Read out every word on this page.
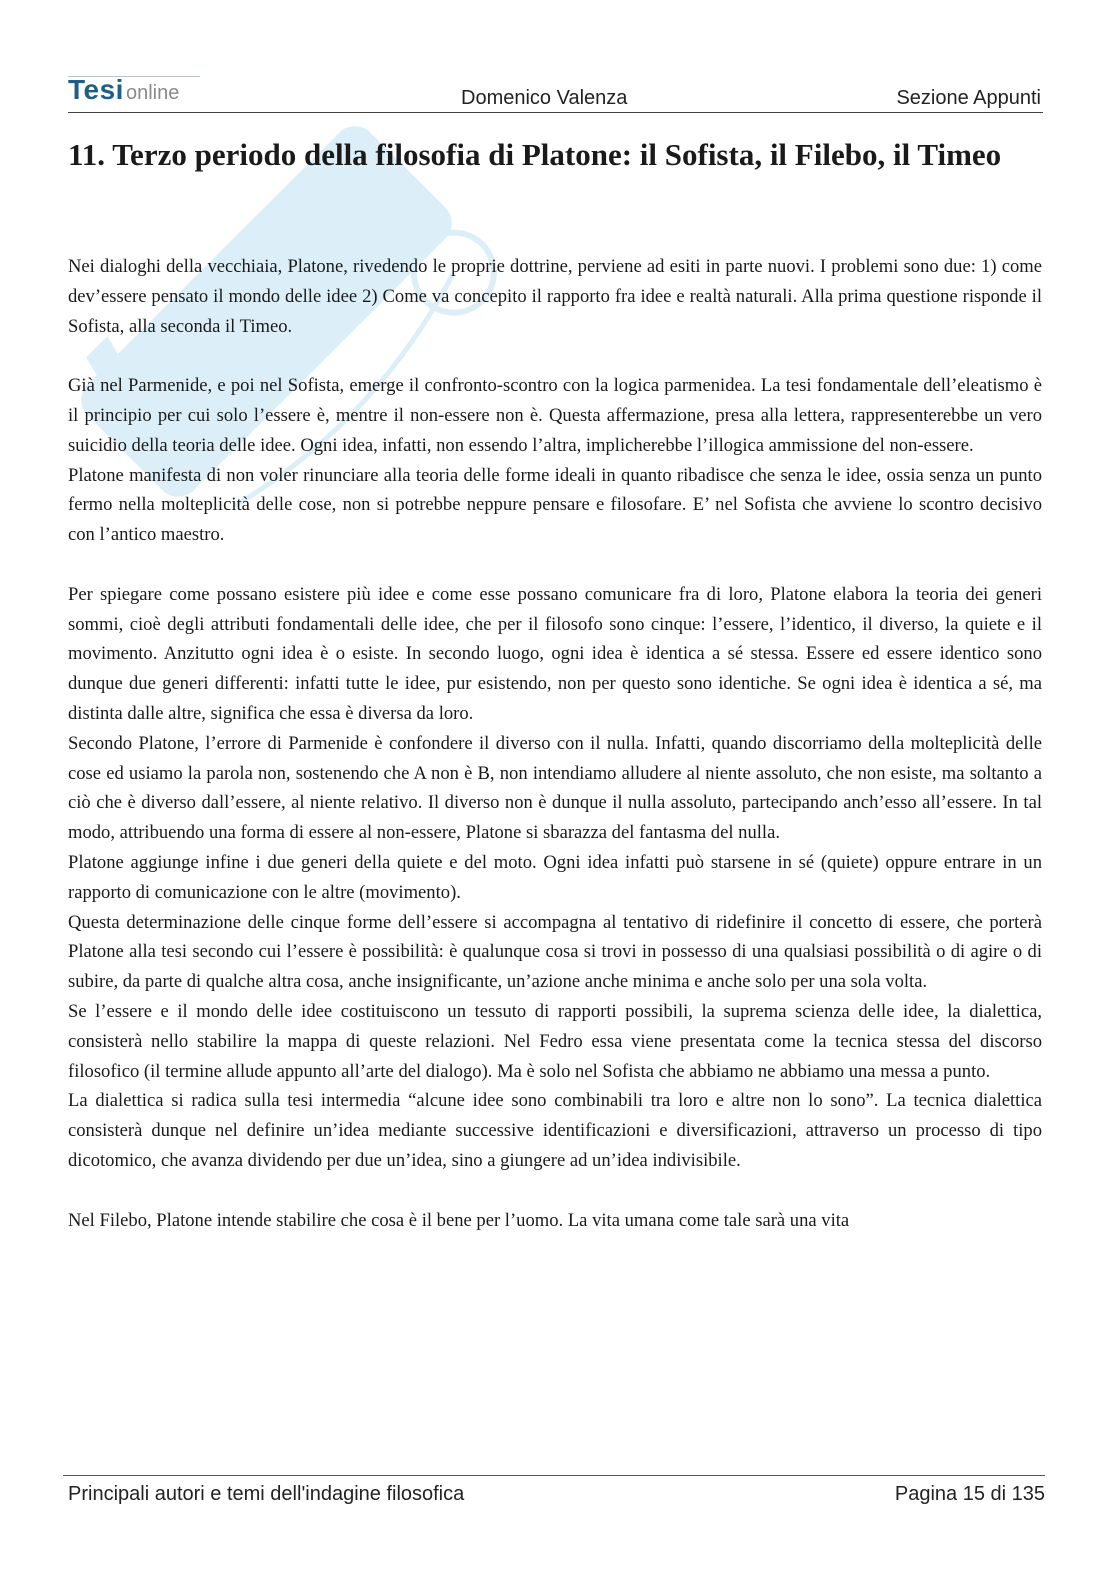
Tesi online	Domenico Valenza	Sezione Appunti
11. Terzo periodo della filosofia di Platone: il Sofista, il Filebo, il Timeo

Nei dialoghi della vecchiaia, Platone, rivedendo le proprie dottrine, perviene ad esiti in parte nuovi. I problemi sono due: 1) come dev’essere pensato il mondo delle idee 2) Come va concepito il rapporto fra idee e realtà naturali. Alla prima questione risponde il Sofista, alla seconda il Timeo.

Già nel Parmenide, e poi nel Sofista, emerge il confronto-scontro con la logica parmenidea. La tesi fondamentale dell’eleatismo è il principio per cui solo l’essere è, mentre il non-essere non è. Questa affermazione, presa alla lettera, rappresenterebbe un vero suicidio della teoria delle idee. Ogni idea, infatti, non essendo l’altra, implicherebbe l’illogica ammissione del non-essere.

Platone manifesta di non voler rinunciare alla teoria delle forme ideali in quanto ribadisce che senza le idee, ossia senza un punto fermo nella molteplicità delle cose, non si potrebbe neppure pensare e filosofare. E’ nel Sofista che avviene lo scontro decisivo con l’antico maestro.

Per spiegare come possano esistere più idee e come esse possano comunicare fra di loro, Platone elabora la teoria dei generi sommi, cioè degli attributi fondamentali delle idee, che per il filosofo sono cinque: l’essere, l’identico, il diverso, la quiete e il movimento. Anzitutto ogni idea è o esiste. In secondo luogo, ogni idea è identica a sé stessa. Essere ed essere identico sono dunque due generi differenti: infatti tutte le idee, pur esistendo, non per questo sono identiche. Se ogni idea è identica a sé, ma distinta dalle altre, significa che essa è diversa da loro.

Secondo Platone, l’errore di Parmenide è confondere il diverso con il nulla. Infatti, quando discorriamo della molteplicità delle cose ed usiamo la parola non, sostenendo che A non è B, non intendiamo alludere al niente assoluto, che non esiste, ma soltanto a ciò che è diverso dall’essere, al niente relativo. Il diverso non è dunque il nulla assoluto, partecipando anch’esso all’essere. In tal modo, attribuendo una forma di essere al non-essere, Platone si sbarazza del fantasma del nulla.

Platone aggiunge infine i due generi della quiete e del moto. Ogni idea infatti può starsene in sé (quiete) oppure entrare in un rapporto di comunicazione con le altre (movimento).

Questa determinazione delle cinque forme dell’essere si accompagna al tentativo di ridefinire il concetto di essere, che porterà Platone alla tesi secondo cui l’essere è possibilità: è qualunque cosa si trovi in possesso di una qualsiasi possibilità o di agire o di subire, da parte di qualche altra cosa, anche insignificante, un’azione anche minima e anche solo per una sola volta.

Se l’essere e il mondo delle idee costituiscono un tessuto di rapporti possibili, la suprema scienza delle idee, la dialettica, consisterà nello stabilire la mappa di queste relazioni. Nel Fedro essa viene presentata come la tecnica stessa del discorso filosofico (il termine allude appunto all’arte del dialogo). Ma è solo nel Sofista che abbiamo ne abbiamo una messa a punto.

La dialettica si radica sulla tesi intermedia “alcune idee sono combinabili tra loro e altre non lo sono”. La tecnica dialettica consisterà dunque nel definire un’idea mediante successive identificazioni e diversificazioni, attraverso un processo di tipo dicotomico, che avanza dividendo per due un’idea, sino a giungere ad un’idea indivisibile.

Nel Filebo, Platone intende stabilire che cosa è il bene per l’uomo. La vita umana come tale sarà una vita

Principali autori e temi dell'indagine filosofica	Pagina 15 di 135
